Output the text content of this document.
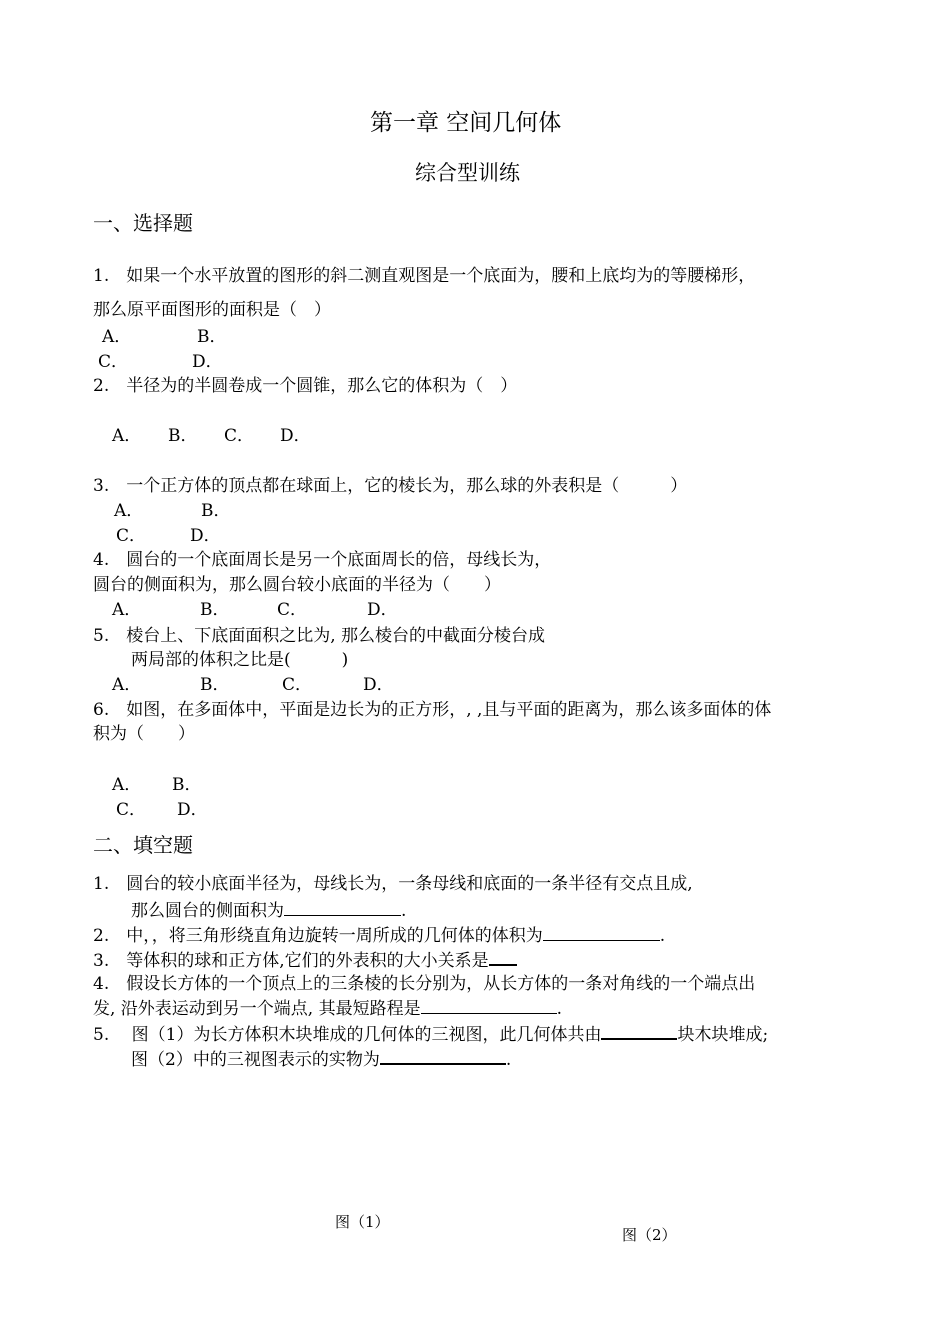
第一章 空间几何体
综合型训练
一、选择题
1.　如果一个水平放置的图形的斜二测直观图是一个底面为，腰和上底均为的等腰梯形，
那么原平面图形的面积是（　）
A．	B．
C．	D．
2.　半径为的半圆卷成一个圆锥，那么它的体积为（　）
A． B． C． D．
3.　一个正方体的顶点都在球面上，它的棱长为，那么球的外表积是（　　　）
A．	B．
C．	D．
4.　圆台的一个底面周长是另一个底面周长的倍，母线长为，
圆台的侧面积为，那么圆台较小底面的半径为（　　）
A．	B．	C．	D．
5.　棱台上、下底面面积之比为, 那么棱台的中截面分棱台成
两局部的体积之比是(　　　)
A．	B．	C．	D．
6.　如图，在多面体中，平面是边长为的正方形，, ,且与平面的距离为，那么该多面体的体
积为（　　）
A． B．
C． D．
二、填空题
1.　圆台的较小底面半径为，母线长为，一条母线和底面的一条半径有交点且成,
那么圆台的侧面积为	.
2.　中，，将三角形绕直角边旋转一周所成的几何体的体积为	.
3.　等体积的球和正方体,它们的外表积的大小关系是
4.　假设长方体的一个顶点上的三条棱的长分别为，从长方体的一条对角线的一个端点出
发, 沿外表运动到另一个端点, 其最短路程是	.
5.　 图（1）为长方体积木块堆成的几何体的三视图，此几何体共由	块木块堆成;
图（2）中的三视图表示的实物为	.
图（1）
图（2）
